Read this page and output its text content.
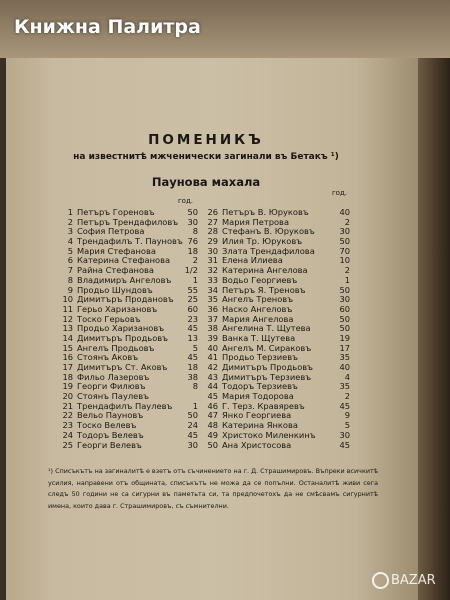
Книжна Палитра
ПОМЕНИКЪ
на известнитѣ мжченически загинали въ Бетакъ ¹)
Паунова махала
год.
год.
1 Петъръ Гореновъ	50
2 Петъръ Трендафиловъ 30
3 София Петрова	8
4 Трендафилъ Т. Пауновъ 76
5 Мария Стефанова	18
6 Катерина Стефанова	2
7 Райна Стефанова	1/2
8 Владимиръ Ангеловъ	1
9 Продьо Шундовъ	55
10 Димитъръ Продановъ 25
11 Герьо Харизановъ	60
12 Тоско Герьовъ	23
13 Продьо Харизановъ	45
14 Димитъръ Продьовъ 13
15 Ангелъ Продьовъ	5
16 Стоянъ Аковъ	45
17 Димитъръ Ст. Аковъ 18
18 Фильо Лазеровъ	38
19 Георги Филювъ	8
20 Стоянъ Паулевъ
21 Трендафилъ Паулевъ 1
22 Вельо Пауновъ	50
23 Тоско Велевъ	24
24 Тодоръ Велевъ	45
25 Георги Велевъ	30
26 Петъръ В. Юруковъ	40
27 Мария Петрова	2
28 Стефанъ В. Юруковъ	30
29 Илия Тр. Юруковъ	50
30 Злата Трендафилова	70
31 Елена Илиева	10
32 Катерина Ангелова	2
33 Водьо Георгиевъ	1
34 Петъръ Я. Треновъ	50
35 Ангелъ Треновъ	30
36 Наско Ангеловъ	60
37 Мария Ангелова	50
38 Ангелина Т. Щутева	50
39 Ванка Т. Щутева	19
40 Ангелъ М. Сираковъ	17
41 Продьо Терзиевъ	35
42 Димитъръ Продьовъ	40
43 Димитъръ Терзиевъ	4
44 Тодоръ Терзиевъ	35
45 Мария Тодорова	2
46 Г. Терз. Кравяревъ	45
47 Янко Георгиева	9
48 Катерина Янкова	5
49 Христоко Миленкинъ	30
50 Ана Христосова	45
¹) Списъкътъ на загиналитѣ е взетъ отъ съчинението на г. Д. Страшимировъ. Въпреки всичкитѣ усилия, направени отъ общината, списъкътъ не можа да се попълни. Останалитѣ живи сега следъ 50 години не са сигурни въ паметьта си, та предпочетохъ да не смѣсвамъ сигурнитѣ имена, които дава г. Страшимировъ, съ съмнителни.
BAZAR
